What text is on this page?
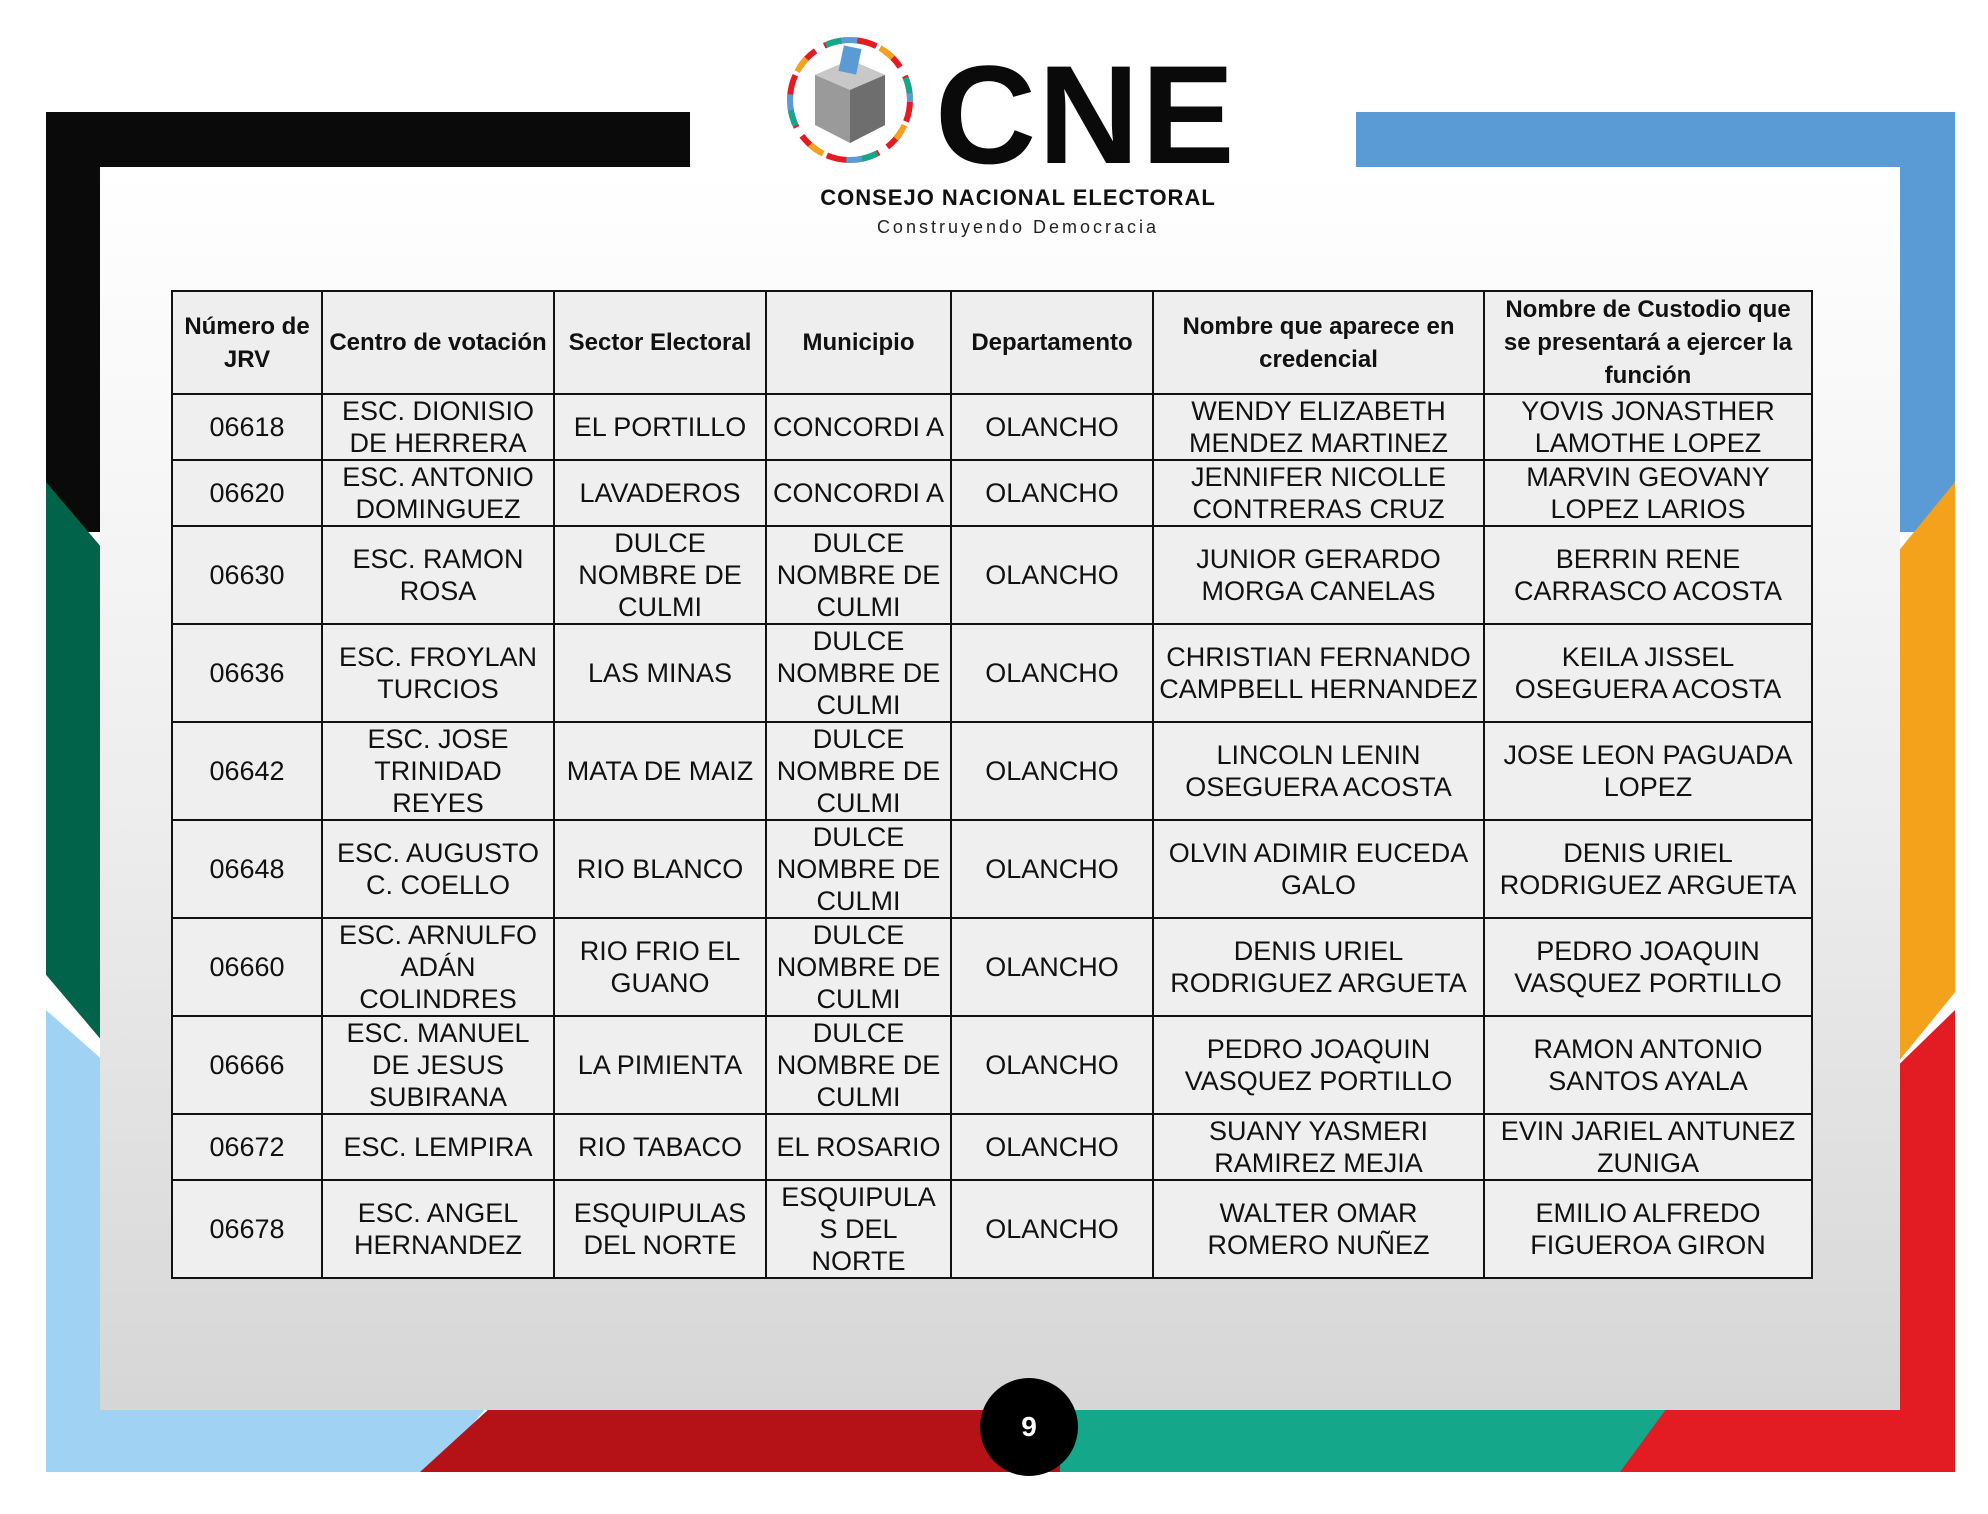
CNE
CONSEJO NACIONAL ELECTORAL
Construyendo Democracia
Número de JRV	Centro de votación	Sector Electoral	Municipio	Departamento	Nombre que aparece en credencial	Nombre de Custodio que se presentará a ejercer la función
06618	ESC. DIONISIO DE HERRERA	EL PORTILLO	CONCORDI A	OLANCHO	WENDY ELIZABETH MENDEZ MARTINEZ	YOVIS JONASTHER LAMOTHE LOPEZ
06620	ESC. ANTONIO DOMINGUEZ	LAVADEROS	CONCORDI A	OLANCHO	JENNIFER NICOLLE CONTRERAS CRUZ	MARVIN GEOVANY LOPEZ LARIOS
06630	ESC. RAMON ROSA	DULCE NOMBRE DE CULMI	DULCE NOMBRE DE CULMI	OLANCHO	JUNIOR GERARDO MORGA CANELAS	BERRIN RENE CARRASCO ACOSTA
06636	ESC. FROYLAN TURCIOS	LAS MINAS	DULCE NOMBRE DE CULMI	OLANCHO	CHRISTIAN FERNANDO CAMPBELL HERNANDEZ	KEILA JISSEL OSEGUERA ACOSTA
06642	ESC. JOSE TRINIDAD REYES	MATA DE MAIZ	DULCE NOMBRE DE CULMI	OLANCHO	LINCOLN LENIN OSEGUERA ACOSTA	JOSE LEON PAGUADA LOPEZ
06648	ESC. AUGUSTO C. COELLO	RIO BLANCO	DULCE NOMBRE DE CULMI	OLANCHO	OLVIN ADIMIR EUCEDA GALO	DENIS URIEL RODRIGUEZ ARGUETA
06660	ESC. ARNULFO ADÁN COLINDRES	RIO FRIO EL GUANO	DULCE NOMBRE DE CULMI	OLANCHO	DENIS URIEL RODRIGUEZ ARGUETA	PEDRO JOAQUIN VASQUEZ PORTILLO
06666	ESC. MANUEL DE JESUS SUBIRANA	LA PIMIENTA	DULCE NOMBRE DE CULMI	OLANCHO	PEDRO JOAQUIN VASQUEZ PORTILLO	RAMON ANTONIO SANTOS AYALA
06672	ESC. LEMPIRA	RIO TABACO	EL ROSARIO	OLANCHO	SUANY YASMERI RAMIREZ MEJIA	EVIN JARIEL ANTUNEZ ZUNIGA
06678	ESC. ANGEL HERNANDEZ	ESQUIPULAS DEL NORTE	ESQUIPULA S DEL NORTE	OLANCHO	WALTER OMAR ROMERO NUÑEZ	EMILIO ALFREDO FIGUEROA GIRON
9
